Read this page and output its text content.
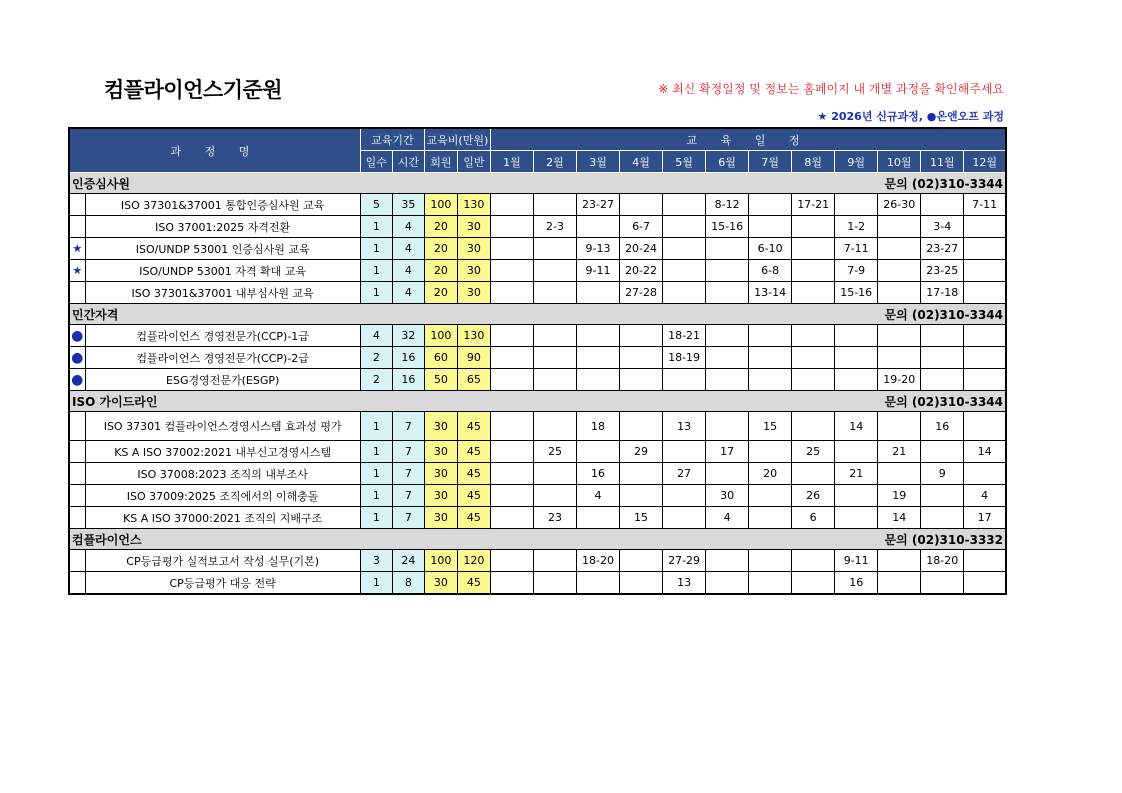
컴플라이언스기준원	※ 최신 확정일정 및 정보는 홈페이지 내 개별 과정을 확인해주세요
★ 2026년 신규과정, ●온앤오프 과정
과 정 명		교육기간		교육비(만원)		교 육 일 정											
		일수	시간	회원	일반	1월	2월	3월	4월	5월	6월	7월	8월	9월	10월	11월	12월
인증심사원										문의 (02)310-3344							
	ISO 37301&37001 통합인증심사원 교육	5	35	100	130			23-27			8-12		17-21		26-30		7-11
	ISO 37001:2025 자격전환	1	4	20	30		2-3		6-7		15-16			1-2		3-4	
★	ISO/UNDP 53001 인증심사원 교육	1	4	20	30			9-13	20-24			6-10		7-11		23-27	
★	ISO/UNDP 53001 자격 확대 교육	1	4	20	30			9-11	20-22			6-8		7-9		23-25	
	ISO 37301&37001 내부심사원 교육	1	4	20	30				27-28			13-14		15-16		17-18	
민간자격										문의 (02)310-3344							
●	컴플라이언스 경영전문가(CCP)-1급	4	32	100	130					18-21							
●	컴플라이언스 경영전문가(CCP)-2급	2	16	60	90					18-19							
●	ESG경영전문가(ESGP)	2	16	50	65										19-20		
ISO 가이드라인										문의 (02)310-3344							
	ISO 37301 컴플라이언스경영시스템 효과성 평가	1	7	30	45			18		13		15		14		16	
	KS A ISO 37002:2021 내부신고경영시스템	1	7	30	45		25		29		17		25		21		14
	ISO 37008:2023 조직의 내부조사	1	7	30	45			16		27		20		21		9	
	ISO 37009:2025 조직에서의 이해충돌	1	7	30	45			4			30		26		19		4
	KS A ISO 37000:2021 조직의 지배구조	1	7	30	45		23		15		4		6		14		17
컴플라이언스										문의 (02)310-3332							
	CP등급평가 실적보고서 작성 실무(기본)	3	24	100	120			18-20		27-29				9-11		18-20	
	CP등급평가 대응 전략	1	8	30	45					13				16			
